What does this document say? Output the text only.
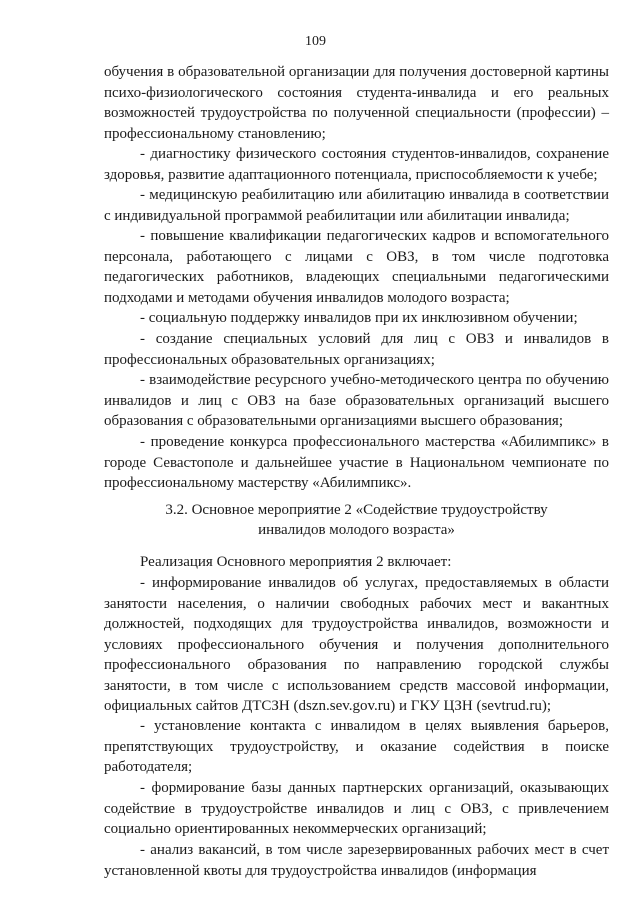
109

обучения в образовательной организации для получения достоверной картины психо-физиологического состояния студента-инвалида и его реальных возможностей трудоустройства по полученной специальности (профессии) – профессиональному становлению;

- диагностику физического состояния студентов-инвалидов, сохранение здоровья, развитие адаптационного потенциала, приспособляемости к учебе;

- медицинскую реабилитацию или абилитацию инвалида в соответствии с индивидуальной программой реабилитации или абилитации инвалида;

- повышение квалификации педагогических кадров и вспомогательного персонала, работающего с лицами с ОВЗ, в том числе подготовка педагогических работников, владеющих специальными педагогическими подходами и методами обучения инвалидов молодого возраста;

- социальную поддержку инвалидов при их инклюзивном обучении;

- создание специальных условий для лиц с ОВЗ и инвалидов в профессиональных образовательных организациях;

- взаимодействие ресурсного учебно-методического центра по обучению инвалидов и лиц с ОВЗ на базе образовательных организаций высшего образования с образовательными организациями высшего образования;

- проведение конкурса профессионального мастерства «Абилимпикс» в городе Севастополе и дальнейшее участие в Национальном чемпионате по профессиональному мастерству «Абилимпикс».

3.2. Основное мероприятие 2 «Содействие трудоустройству

инвалидов молодого возраста»

Реализация Основного мероприятия 2 включает:

- информирование инвалидов об услугах, предоставляемых в области занятости населения, о наличии свободных рабочих мест и вакантных должностей, подходящих для трудоустройства инвалидов, возможности и условиях профессионального обучения и получения дополнительного профессионального образования по направлению городской службы занятости, в том числе с использованием средств массовой информации, официальных сайтов ДТСЗН (dszn.sev.gov.ru) и ГКУ ЦЗН (sevtrud.ru);

- установление контакта с инвалидом в целях выявления барьеров, препятствующих трудоустройству, и оказание содействия в поиске работодателя;

- формирование базы данных партнерских организаций, оказывающих содействие в трудоустройстве инвалидов и лиц с ОВЗ, с привлечением социально ориентированных некоммерческих организаций;

- анализ вакансий, в том числе зарезервированных рабочих мест в счет установленной квоты для трудоустройства инвалидов (информация
